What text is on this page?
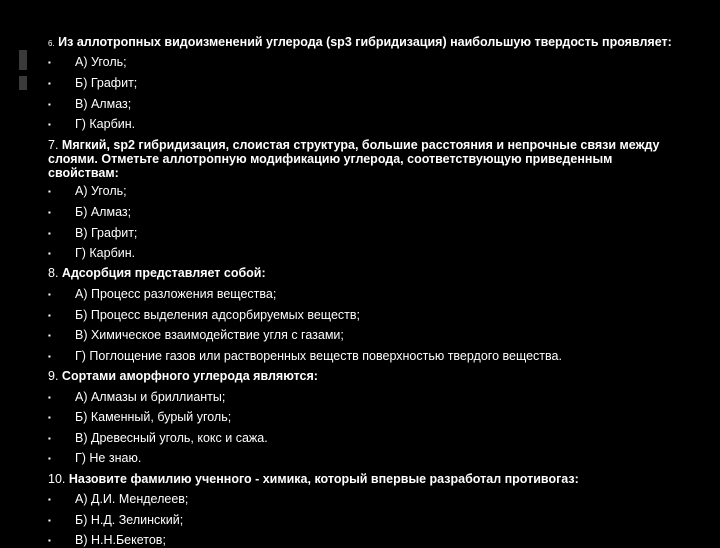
6. Из аллотропных видоизменений углерода (sp3 гибридизация) наибольшую твердость проявляет:
▪ А) Уголь;
▪ Б) Графит;
▪ В) Алмаз;
▪ Г) Карбин.
7. Мягкий, sp2 гибридизация, слоистая структура, большие расстояния и непрочные связи между слоями. Отметьте аллотропную модификацию углерода, соответствующую приведенным свойствам:
▪ А) Уголь;
▪ Б) Алмаз;
▪ В) Графит;
▪ Г) Карбин.
8. Адсорбция представляет собой:
▪ А) Процесс разложения вещества;
▪ Б) Процесс выделения адсорбируемых веществ;
▪ В) Химическое взаимодействие угля с газами;
▪ Г) Поглощение газов или растворенных веществ поверхностью твердого вещества.
9. Сортами аморфного углерода являются:
▪ А) Алмазы и бриллианты;
▪ Б) Каменный, бурый уголь;
▪ В) Древесный уголь, кокс и сажа.
▪ Г) Не знаю.
10. Назовите фамилию ученного - химика, который впервые разработал противогаз:
▪ А) Д.И. Менделеев;
▪ Б) Н.Д. Зелинский;
▪ В) Н.Н.Бекетов;
